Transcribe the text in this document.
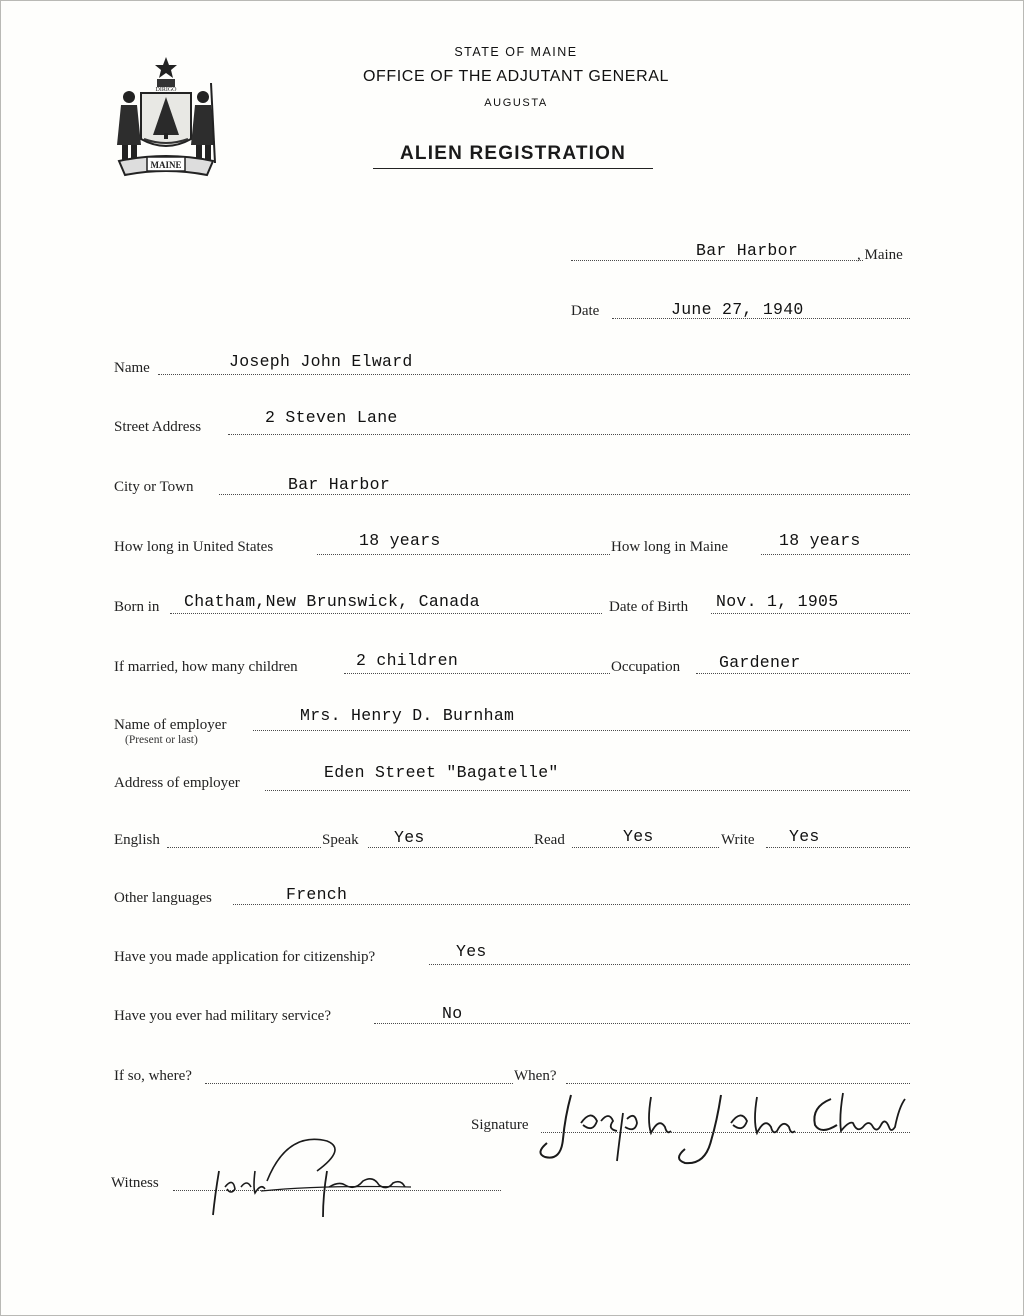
MAINE
DIRIGO
STATE OF MAINE
OFFICE OF THE ADJUTANT GENERAL
AUGUSTA
ALIEN REGISTRATION
Bar Harbor	, Maine
Date	June 27, 1940
Name	Joseph John Elward
Street Address	2 Steven Lane
City or Town	Bar Harbor
How long in United States	18 years	How long in Maine	18 years
Born in Chatham,New Brunswick, Canada	Date of Birth Nov. 1, 1905
If married, how many children	2 children	Occupation Gardener
Name of employer
(Present or last)
Mrs. Henry D. Burnham
Address of employer
Eden Street "Bagatelle"
English	Speak Yes	Read	Yes	Write Yes
Other languages	French
Have you made application for citizenship?	Yes
Have you ever had military service?	No
If so, where?	When?
Signature
Witness
